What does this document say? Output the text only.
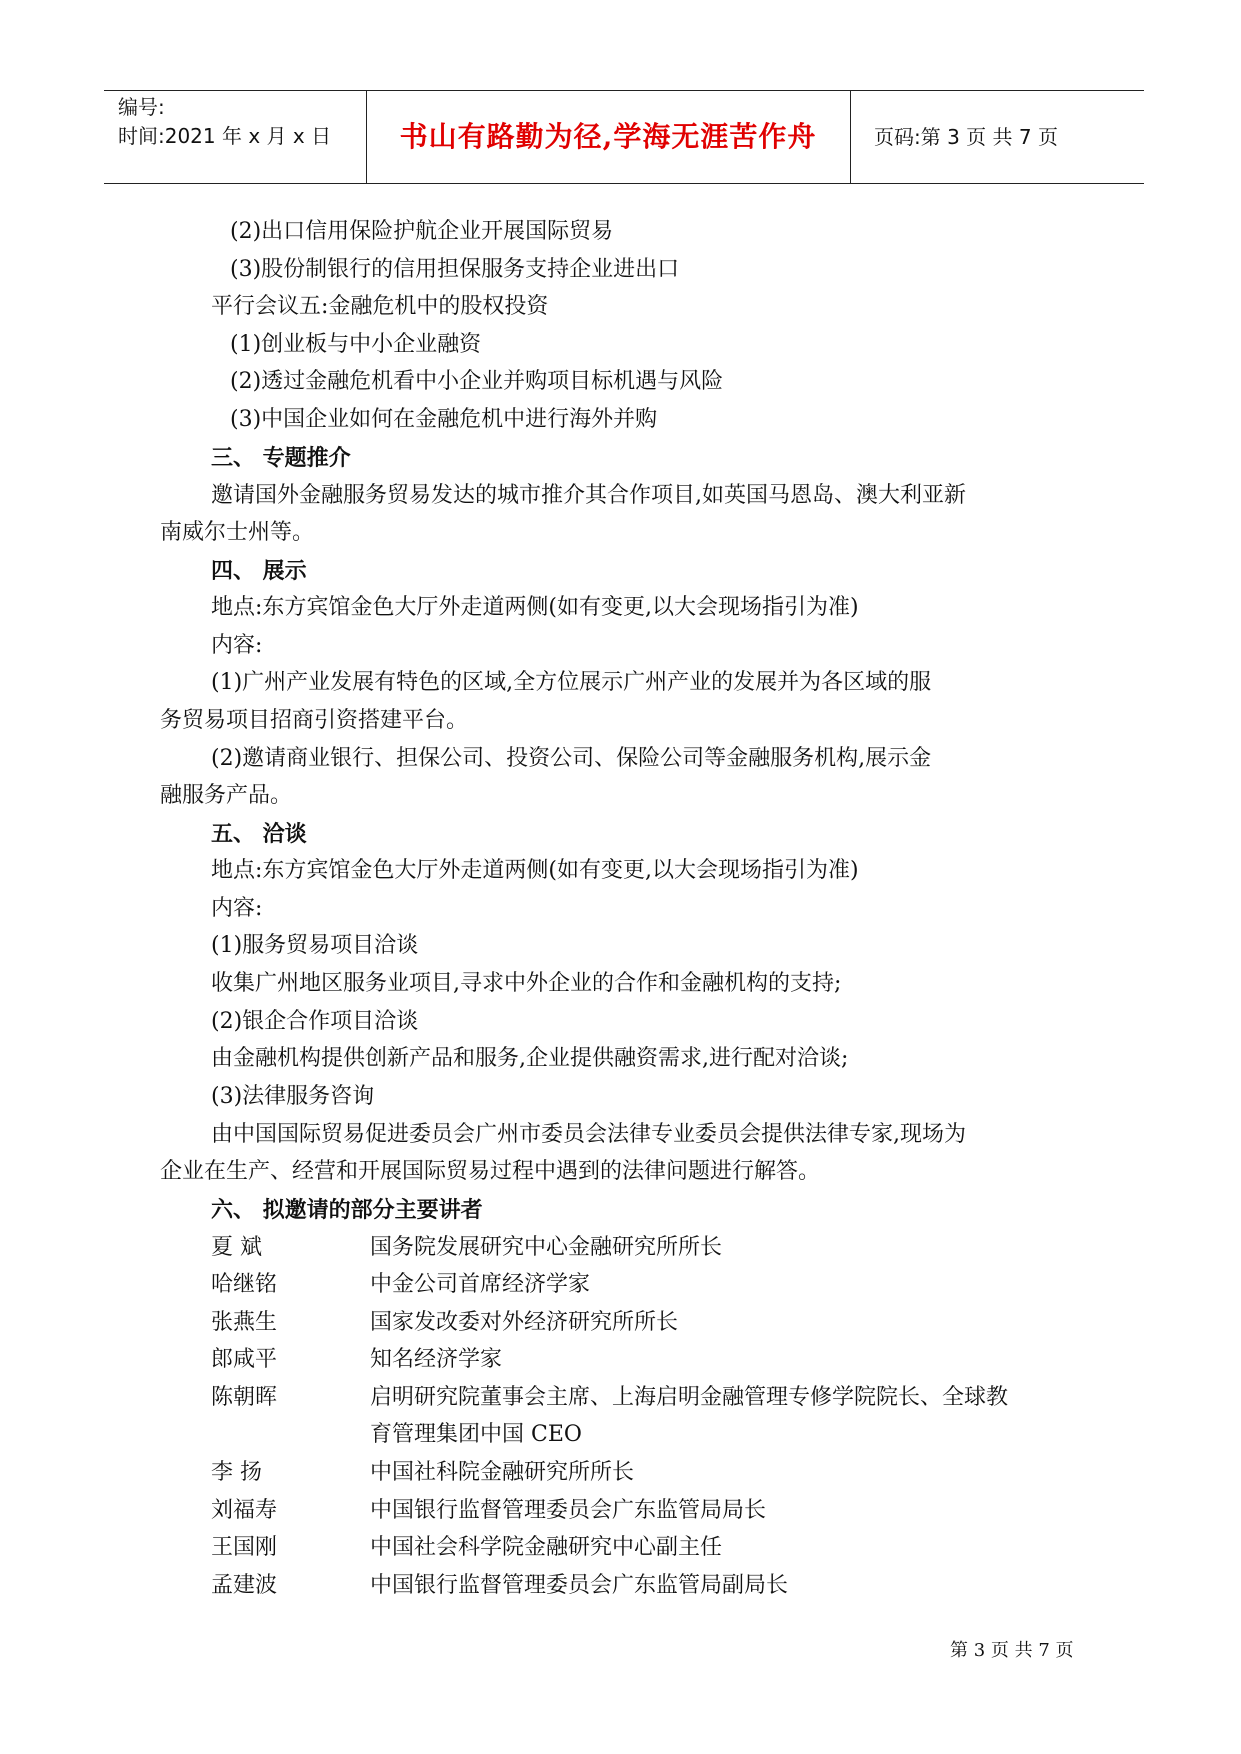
编号:
时间:2021 年 x 月 x 日	书山有路勤为径,学海无涯苦作舟	页码:第 3 页 共 7 页
(2)出口信用保险护航企业开展国际贸易
(3)股份制银行的信用担保服务支持企业进出口
平行会议五:金融危机中的股权投资
(1)创业板与中小企业融资
(2)透过金融危机看中小企业并购项目标机遇与风险
(3)中国企业如何在金融危机中进行海外并购
三、 专题推介
邀请国外金融服务贸易发达的城市推介其合作项目,如英国马恩岛、澳大利亚新
南威尔士州等。
四、 展示
地点:东方宾馆金色大厅外走道两侧(如有变更,以大会现场指引为准)
内容:
(1)广州产业发展有特色的区域,全方位展示广州产业的发展并为各区域的服
务贸易项目招商引资搭建平台。
(2)邀请商业银行、担保公司、投资公司、保险公司等金融服务机构,展示金
融服务产品。
五、 洽谈
地点:东方宾馆金色大厅外走道两侧(如有变更,以大会现场指引为准)
内容:
(1)服务贸易项目洽谈
收集广州地区服务业项目,寻求中外企业的合作和金融机构的支持;
(2)银企合作项目洽谈
由金融机构提供创新产品和服务,企业提供融资需求,进行配对洽谈;
(3)法律服务咨询
由中国国际贸易促进委员会广州市委员会法律专业委员会提供法律专家,现场为
企业在生产、经营和开展国际贸易过程中遇到的法律问题进行解答。
六、 拟邀请的部分主要讲者
夏 斌	国务院发展研究中心金融研究所所长
哈继铭	中金公司首席经济学家
张燕生	国家发改委对外经济研究所所长
郎咸平	知名经济学家
陈朝晖	启明研究院董事会主席、上海启明金融管理专修学院院长、全球教
育管理集团中国 CEO
李 扬	中国社科院金融研究所所长
刘福寿	中国银行监督管理委员会广东监管局局长
王国刚	中国社会科学院金融研究中心副主任
孟建波	中国银行监督管理委员会广东监管局副局长
第 3 页 共 7 页
